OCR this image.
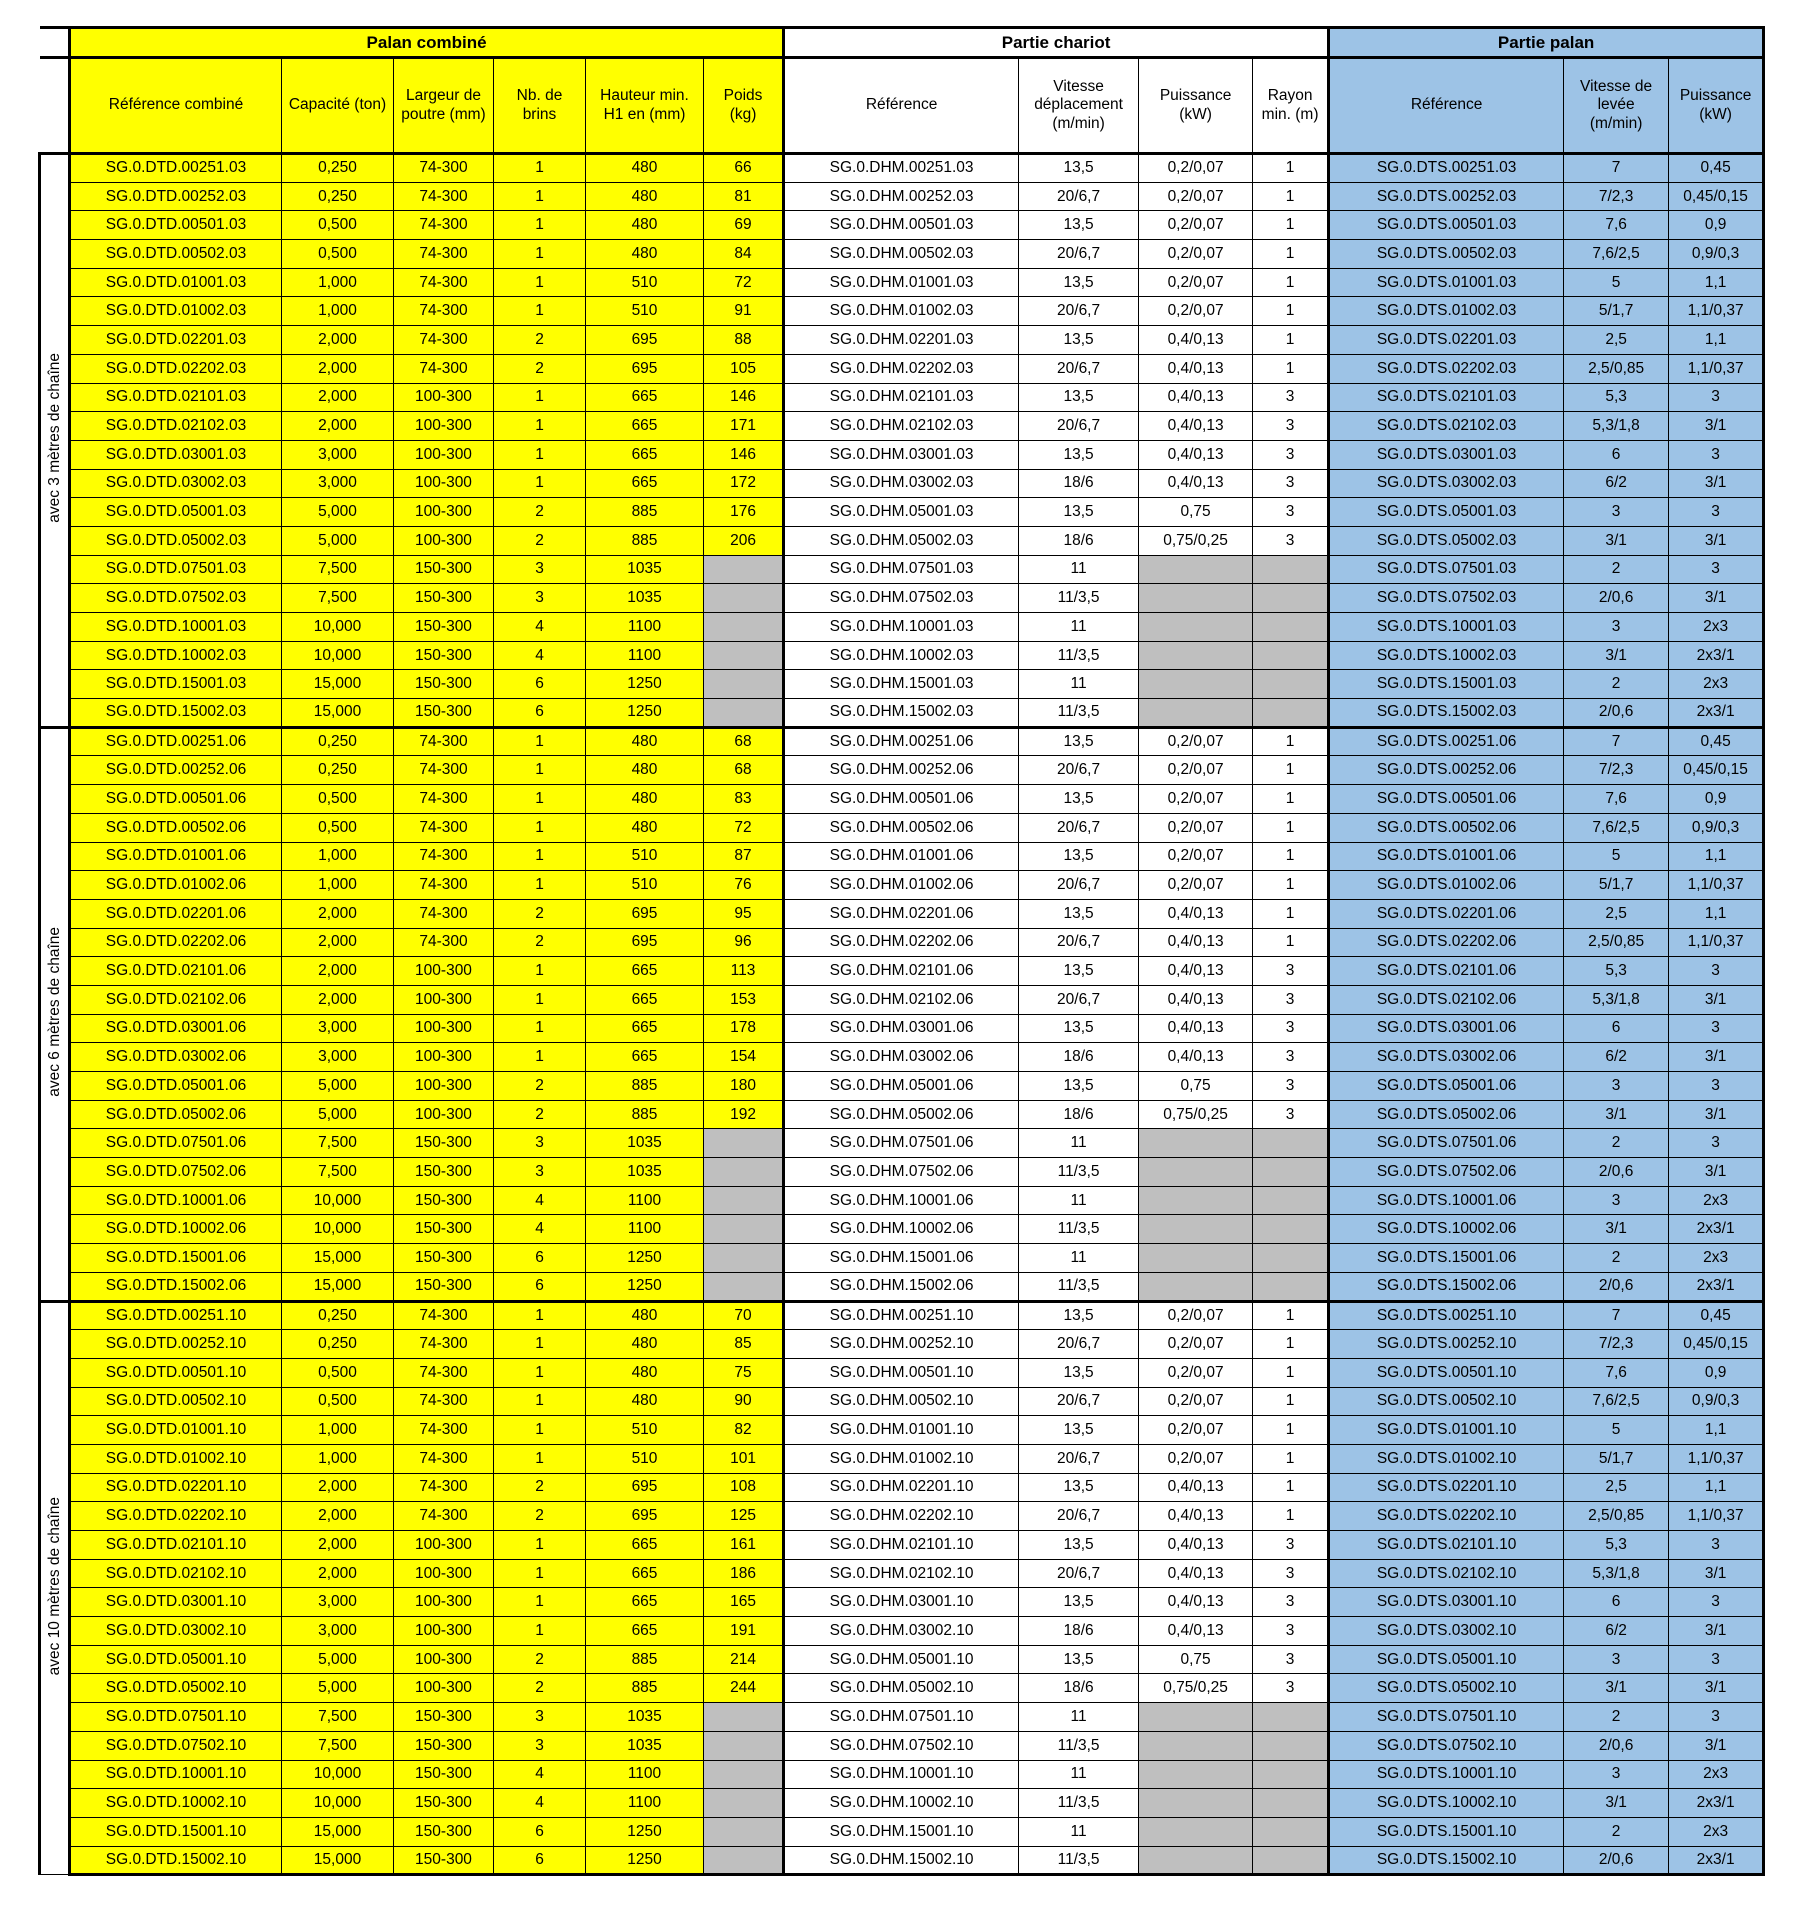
	Palan combiné						Partie chariot				Partie palan		
	Référence combiné	Capacité (ton)	Largeur de poutre (mm)	Nb. de brins	Hauteur min. H1 en (mm)	Poids (kg)	Référence	Vitesse déplacement (m/min)	Puissance (kW)	Rayon min. (m)	Référence	Vitesse de levée (m/min)	Puissance (kW)
avec 3 mètres de chaîne	SG.0.DTD.00251.03	0,250	74-300	1	480	66	SG.0.DHM.00251.03	13,5	0,2/0,07	1	SG.0.DTS.00251.03	7	0,45
	SG.0.DTD.00252.03	0,250	74-300	1	480	81	SG.0.DHM.00252.03	20/6,7	0,2/0,07	1	SG.0.DTS.00252.03	7/2,3	0,45/0,15
	SG.0.DTD.00501.03	0,500	74-300	1	480	69	SG.0.DHM.00501.03	13,5	0,2/0,07	1	SG.0.DTS.00501.03	7,6	0,9
	SG.0.DTD.00502.03	0,500	74-300	1	480	84	SG.0.DHM.00502.03	20/6,7	0,2/0,07	1	SG.0.DTS.00502.03	7,6/2,5	0,9/0,3
	SG.0.DTD.01001.03	1,000	74-300	1	510	72	SG.0.DHM.01001.03	13,5	0,2/0,07	1	SG.0.DTS.01001.03	5	1,1
	SG.0.DTD.01002.03	1,000	74-300	1	510	91	SG.0.DHM.01002.03	20/6,7	0,2/0,07	1	SG.0.DTS.01002.03	5/1,7	1,1/0,37
	SG.0.DTD.02201.03	2,000	74-300	2	695	88	SG.0.DHM.02201.03	13,5	0,4/0,13	1	SG.0.DTS.02201.03	2,5	1,1
	SG.0.DTD.02202.03	2,000	74-300	2	695	105	SG.0.DHM.02202.03	20/6,7	0,4/0,13	1	SG.0.DTS.02202.03	2,5/0,85	1,1/0,37
	SG.0.DTD.02101.03	2,000	100-300	1	665	146	SG.0.DHM.02101.03	13,5	0,4/0,13	3	SG.0.DTS.02101.03	5,3	3
	SG.0.DTD.02102.03	2,000	100-300	1	665	171	SG.0.DHM.02102.03	20/6,7	0,4/0,13	3	SG.0.DTS.02102.03	5,3/1,8	3/1
	SG.0.DTD.03001.03	3,000	100-300	1	665	146	SG.0.DHM.03001.03	13,5	0,4/0,13	3	SG.0.DTS.03001.03	6	3
	SG.0.DTD.03002.03	3,000	100-300	1	665	172	SG.0.DHM.03002.03	18/6	0,4/0,13	3	SG.0.DTS.03002.03	6/2	3/1
	SG.0.DTD.05001.03	5,000	100-300	2	885	176	SG.0.DHM.05001.03	13,5	0,75	3	SG.0.DTS.05001.03	3	3
	SG.0.DTD.05002.03	5,000	100-300	2	885	206	SG.0.DHM.05002.03	18/6	0,75/0,25	3	SG.0.DTS.05002.03	3/1	3/1
	SG.0.DTD.07501.03	7,500	150-300	3	1035		SG.0.DHM.07501.03	11			SG.0.DTS.07501.03	2	3
	SG.0.DTD.07502.03	7,500	150-300	3	1035		SG.0.DHM.07502.03	11/3,5			SG.0.DTS.07502.03	2/0,6	3/1
	SG.0.DTD.10001.03	10,000	150-300	4	1100		SG.0.DHM.10001.03	11			SG.0.DTS.10001.03	3	2x3
	SG.0.DTD.10002.03	10,000	150-300	4	1100		SG.0.DHM.10002.03	11/3,5			SG.0.DTS.10002.03	3/1	2x3/1
	SG.0.DTD.15001.03	15,000	150-300	6	1250		SG.0.DHM.15001.03	11			SG.0.DTS.15001.03	2	2x3
	SG.0.DTD.15002.03	15,000	150-300	6	1250		SG.0.DHM.15002.03	11/3,5			SG.0.DTS.15002.03	2/0,6	2x3/1
avec 6 mètres de chaîne	SG.0.DTD.00251.06	0,250	74-300	1	480	68	SG.0.DHM.00251.06	13,5	0,2/0,07	1	SG.0.DTS.00251.06	7	0,45
	SG.0.DTD.00252.06	0,250	74-300	1	480	68	SG.0.DHM.00252.06	20/6,7	0,2/0,07	1	SG.0.DTS.00252.06	7/2,3	0,45/0,15
	SG.0.DTD.00501.06	0,500	74-300	1	480	83	SG.0.DHM.00501.06	13,5	0,2/0,07	1	SG.0.DTS.00501.06	7,6	0,9
	SG.0.DTD.00502.06	0,500	74-300	1	480	72	SG.0.DHM.00502.06	20/6,7	0,2/0,07	1	SG.0.DTS.00502.06	7,6/2,5	0,9/0,3
	SG.0.DTD.01001.06	1,000	74-300	1	510	87	SG.0.DHM.01001.06	13,5	0,2/0,07	1	SG.0.DTS.01001.06	5	1,1
	SG.0.DTD.01002.06	1,000	74-300	1	510	76	SG.0.DHM.01002.06	20/6,7	0,2/0,07	1	SG.0.DTS.01002.06	5/1,7	1,1/0,37
	SG.0.DTD.02201.06	2,000	74-300	2	695	95	SG.0.DHM.02201.06	13,5	0,4/0,13	1	SG.0.DTS.02201.06	2,5	1,1
	SG.0.DTD.02202.06	2,000	74-300	2	695	96	SG.0.DHM.02202.06	20/6,7	0,4/0,13	1	SG.0.DTS.02202.06	2,5/0,85	1,1/0,37
	SG.0.DTD.02101.06	2,000	100-300	1	665	113	SG.0.DHM.02101.06	13,5	0,4/0,13	3	SG.0.DTS.02101.06	5,3	3
	SG.0.DTD.02102.06	2,000	100-300	1	665	153	SG.0.DHM.02102.06	20/6,7	0,4/0,13	3	SG.0.DTS.02102.06	5,3/1,8	3/1
	SG.0.DTD.03001.06	3,000	100-300	1	665	178	SG.0.DHM.03001.06	13,5	0,4/0,13	3	SG.0.DTS.03001.06	6	3
	SG.0.DTD.03002.06	3,000	100-300	1	665	154	SG.0.DHM.03002.06	18/6	0,4/0,13	3	SG.0.DTS.03002.06	6/2	3/1
	SG.0.DTD.05001.06	5,000	100-300	2	885	180	SG.0.DHM.05001.06	13,5	0,75	3	SG.0.DTS.05001.06	3	3
	SG.0.DTD.05002.06	5,000	100-300	2	885	192	SG.0.DHM.05002.06	18/6	0,75/0,25	3	SG.0.DTS.05002.06	3/1	3/1
	SG.0.DTD.07501.06	7,500	150-300	3	1035		SG.0.DHM.07501.06	11			SG.0.DTS.07501.06	2	3
	SG.0.DTD.07502.06	7,500	150-300	3	1035		SG.0.DHM.07502.06	11/3,5			SG.0.DTS.07502.06	2/0,6	3/1
	SG.0.DTD.10001.06	10,000	150-300	4	1100		SG.0.DHM.10001.06	11			SG.0.DTS.10001.06	3	2x3
	SG.0.DTD.10002.06	10,000	150-300	4	1100		SG.0.DHM.10002.06	11/3,5			SG.0.DTS.10002.06	3/1	2x3/1
	SG.0.DTD.15001.06	15,000	150-300	6	1250		SG.0.DHM.15001.06	11			SG.0.DTS.15001.06	2	2x3
	SG.0.DTD.15002.06	15,000	150-300	6	1250		SG.0.DHM.15002.06	11/3,5			SG.0.DTS.15002.06	2/0,6	2x3/1
avec 10 mètres de chaîne	SG.0.DTD.00251.10	0,250	74-300	1	480	70	SG.0.DHM.00251.10	13,5	0,2/0,07	1	SG.0.DTS.00251.10	7	0,45
	SG.0.DTD.00252.10	0,250	74-300	1	480	85	SG.0.DHM.00252.10	20/6,7	0,2/0,07	1	SG.0.DTS.00252.10	7/2,3	0,45/0,15
	SG.0.DTD.00501.10	0,500	74-300	1	480	75	SG.0.DHM.00501.10	13,5	0,2/0,07	1	SG.0.DTS.00501.10	7,6	0,9
	SG.0.DTD.00502.10	0,500	74-300	1	480	90	SG.0.DHM.00502.10	20/6,7	0,2/0,07	1	SG.0.DTS.00502.10	7,6/2,5	0,9/0,3
	SG.0.DTD.01001.10	1,000	74-300	1	510	82	SG.0.DHM.01001.10	13,5	0,2/0,07	1	SG.0.DTS.01001.10	5	1,1
	SG.0.DTD.01002.10	1,000	74-300	1	510	101	SG.0.DHM.01002.10	20/6,7	0,2/0,07	1	SG.0.DTS.01002.10	5/1,7	1,1/0,37
	SG.0.DTD.02201.10	2,000	74-300	2	695	108	SG.0.DHM.02201.10	13,5	0,4/0,13	1	SG.0.DTS.02201.10	2,5	1,1
	SG.0.DTD.02202.10	2,000	74-300	2	695	125	SG.0.DHM.02202.10	20/6,7	0,4/0,13	1	SG.0.DTS.02202.10	2,5/0,85	1,1/0,37
	SG.0.DTD.02101.10	2,000	100-300	1	665	161	SG.0.DHM.02101.10	13,5	0,4/0,13	3	SG.0.DTS.02101.10	5,3	3
	SG.0.DTD.02102.10	2,000	100-300	1	665	186	SG.0.DHM.02102.10	20/6,7	0,4/0,13	3	SG.0.DTS.02102.10	5,3/1,8	3/1
	SG.0.DTD.03001.10	3,000	100-300	1	665	165	SG.0.DHM.03001.10	13,5	0,4/0,13	3	SG.0.DTS.03001.10	6	3
	SG.0.DTD.03002.10	3,000	100-300	1	665	191	SG.0.DHM.03002.10	18/6	0,4/0,13	3	SG.0.DTS.03002.10	6/2	3/1
	SG.0.DTD.05001.10	5,000	100-300	2	885	214	SG.0.DHM.05001.10	13,5	0,75	3	SG.0.DTS.05001.10	3	3
	SG.0.DTD.05002.10	5,000	100-300	2	885	244	SG.0.DHM.05002.10	18/6	0,75/0,25	3	SG.0.DTS.05002.10	3/1	3/1
	SG.0.DTD.07501.10	7,500	150-300	3	1035		SG.0.DHM.07501.10	11			SG.0.DTS.07501.10	2	3
	SG.0.DTD.07502.10	7,500	150-300	3	1035		SG.0.DHM.07502.10	11/3,5			SG.0.DTS.07502.10	2/0,6	3/1
	SG.0.DTD.10001.10	10,000	150-300	4	1100		SG.0.DHM.10001.10	11			SG.0.DTS.10001.10	3	2x3
	SG.0.DTD.10002.10	10,000	150-300	4	1100		SG.0.DHM.10002.10	11/3,5			SG.0.DTS.10002.10	3/1	2x3/1
	SG.0.DTD.15001.10	15,000	150-300	6	1250		SG.0.DHM.15001.10	11			SG.0.DTS.15001.10	2	2x3
	SG.0.DTD.15002.10	15,000	150-300	6	1250		SG.0.DHM.15002.10	11/3,5			SG.0.DTS.15002.10	2/0,6	2x3/1
